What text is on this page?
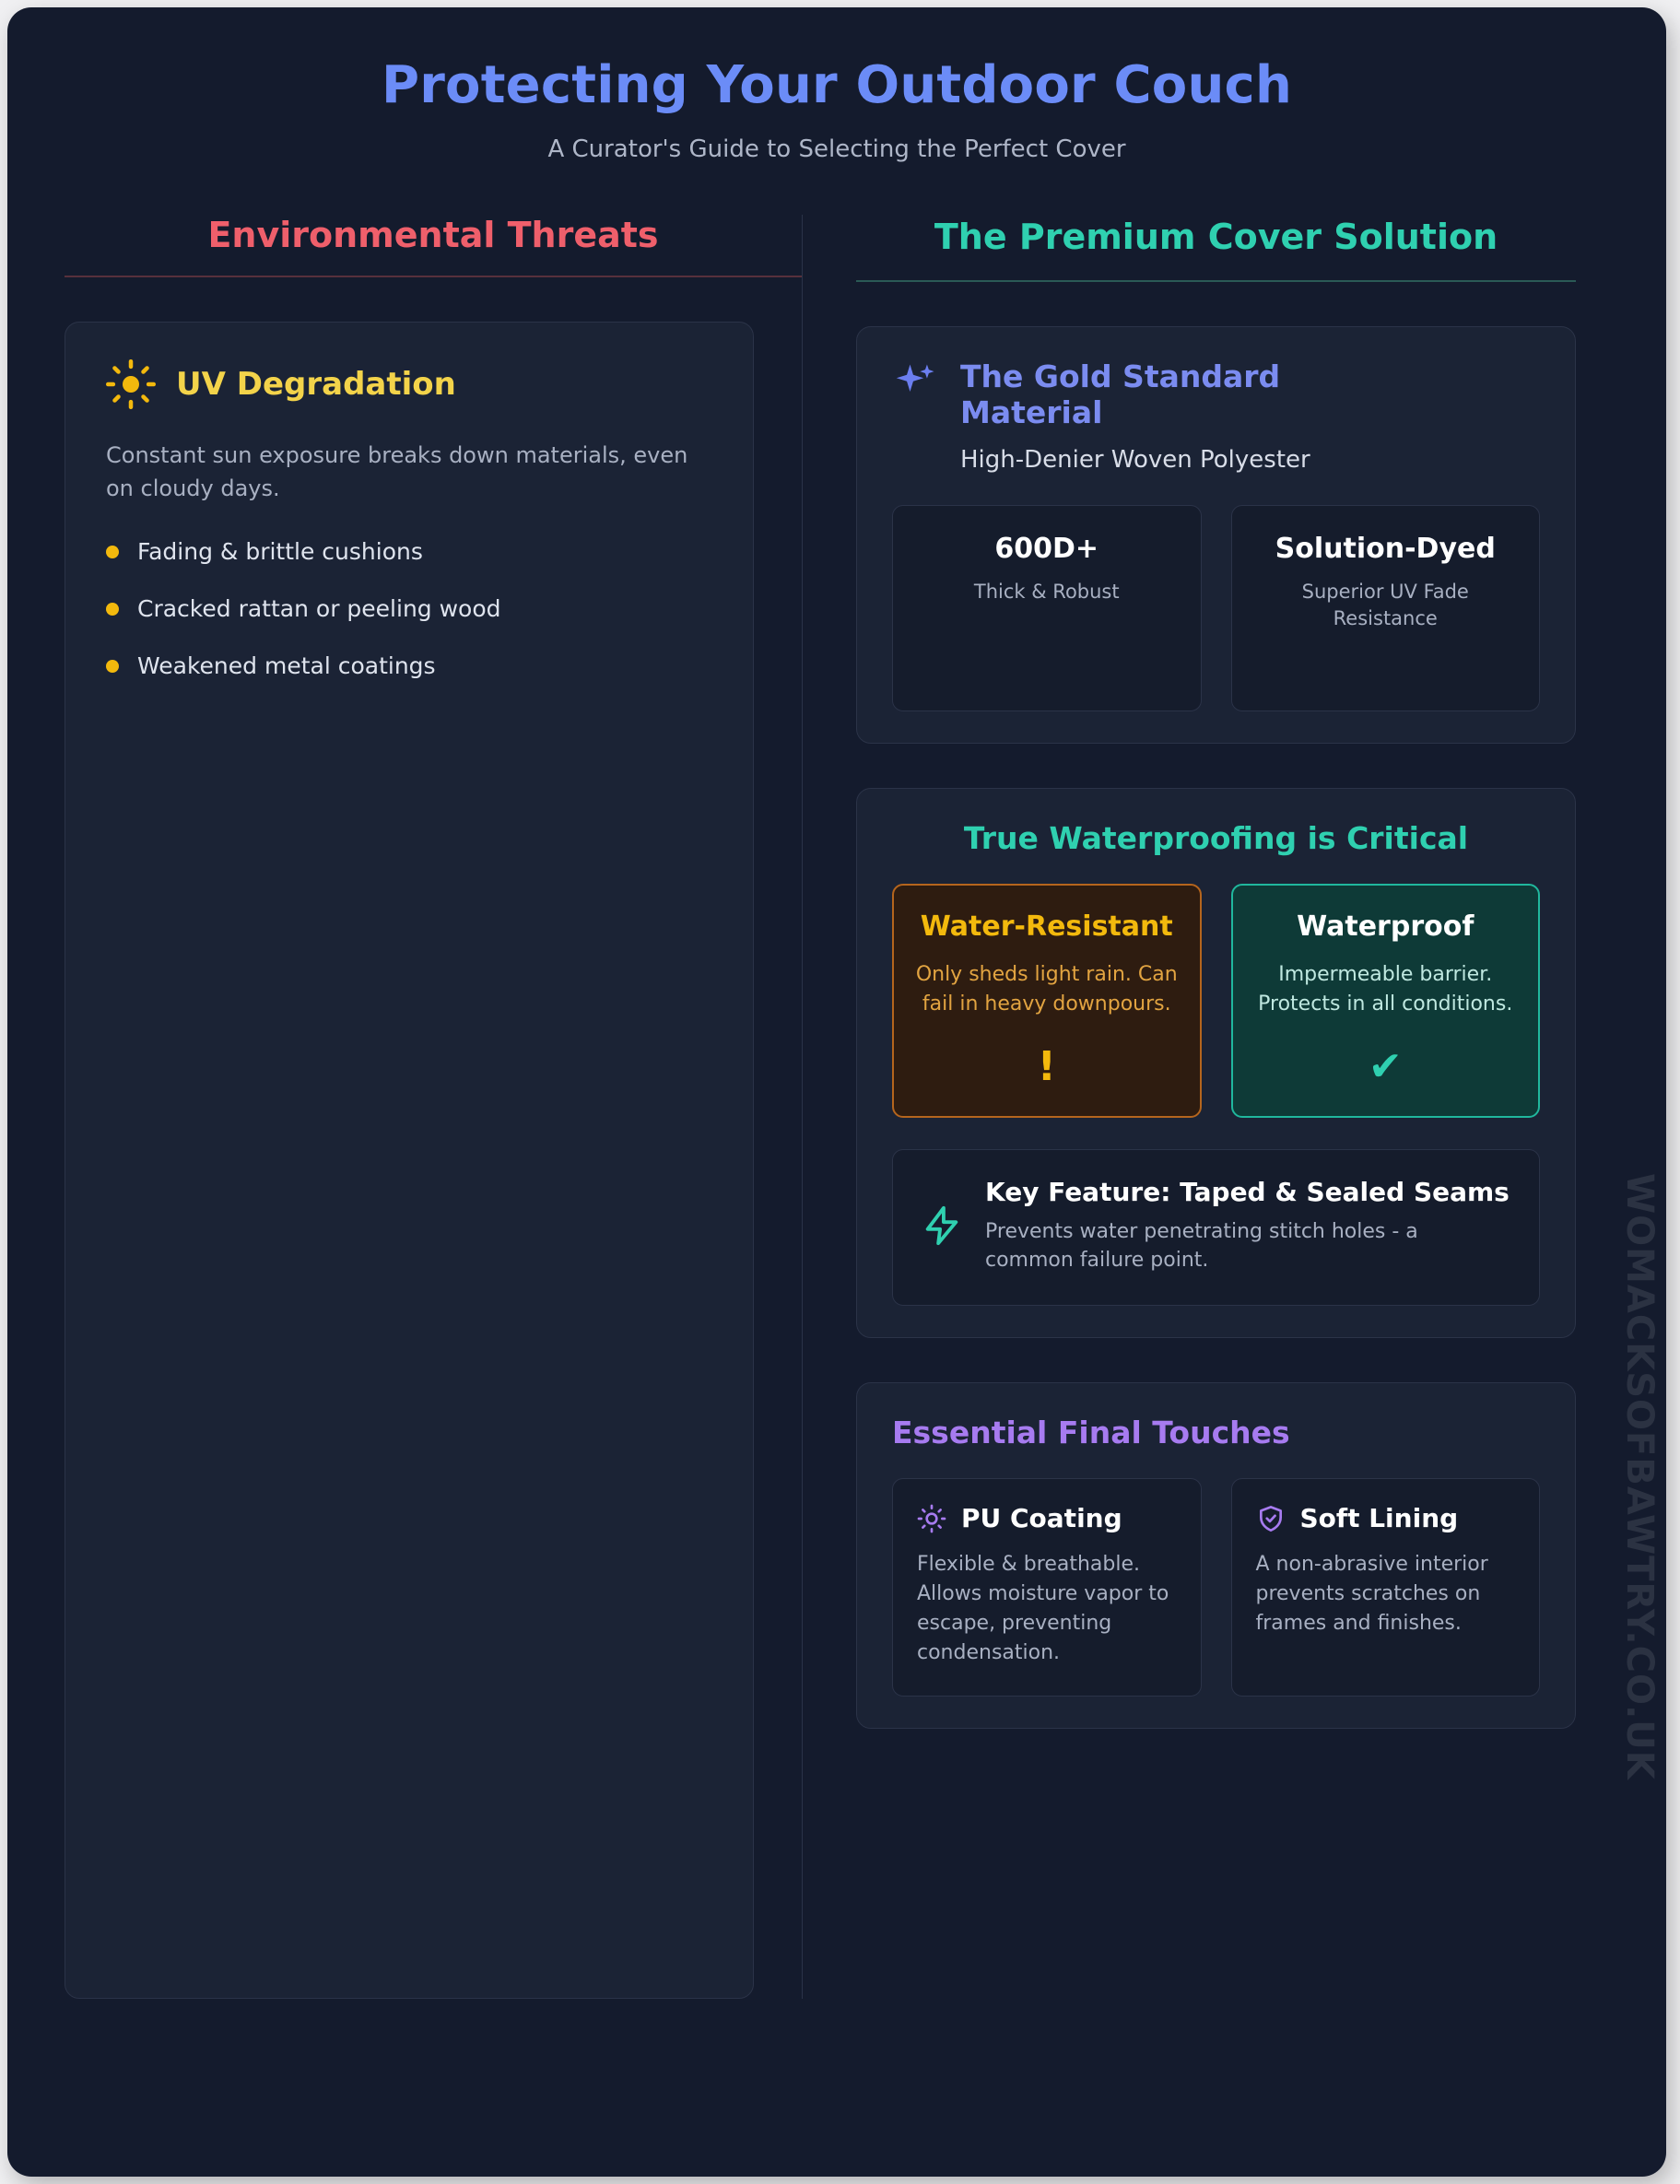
Protecting Your Outdoor Couch
A Curator's Guide to Selecting the Perfect Cover
Environmental Threats
UV Degradation
Constant sun exposure breaks down materials, even on cloudy days.
Fading & brittle cushions
Cracked rattan or peeling wood
Weakened metal coatings
The Premium Cover Solution
The Gold Standard Material
High-Denier Woven Polyester
600D+
Thick & Robust
Solution-Dyed
Superior UV Fade Resistance
True Waterproofing is Critical
Water-Resistant
Only sheds light rain. Can fail in heavy downpours.
!
Waterproof
Impermeable barrier. Protects in all conditions.
✔
Key Feature: Taped & Sealed Seams
Prevents water penetrating stitch holes - a common failure point.
Essential Final Touches
PU Coating
Flexible & breathable. Allows moisture vapor to escape, preventing condensation.
Soft Lining
A non-abrasive interior prevents scratches on frames and finishes.	WOMACKSOFBAWTRY.CO.UK
